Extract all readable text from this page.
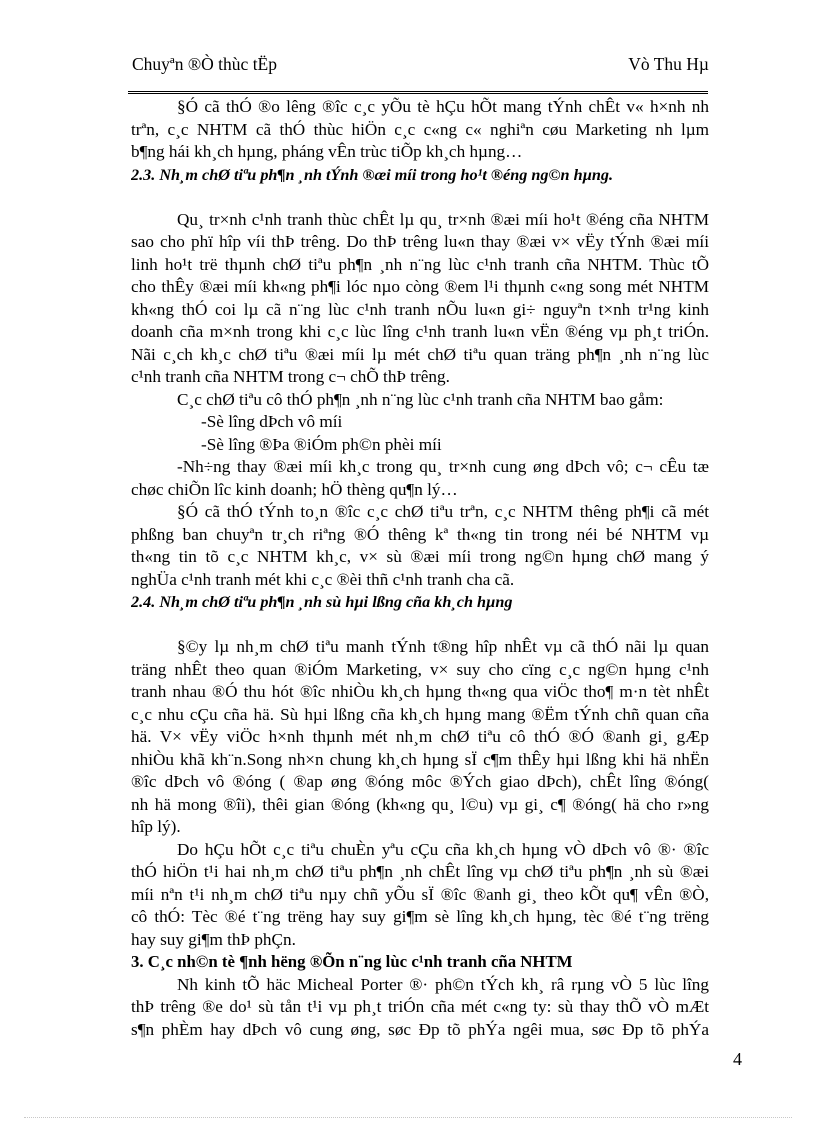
Chuyªn ®Ò thùc tËp	Vò Thu Hµ
§Ó cã thÓ ®o lêng ®îc c¸c yÕu tè hÇu hÕt mang tÝnh chÊt v« h×nh nh
trªn, c¸c NHTM cã thÓ thùc hiÖn c¸c c«ng c« nghiªn cøu Marketing nh lµm
b¶ng hái kh¸ch hµng, pháng vÊn trùc tiÕp kh¸ch hµng…
2.3. Nh¸m chØ tiªu ph¶n ¸nh tÝnh ®æi míi trong ho¹t ®éng ng©n hµng.
Qu¸ tr×nh c¹nh tranh thùc chÊt lµ qu¸ tr×nh ®æi míi ho¹t ®éng cña NHTM
sao cho phï hîp víi thÞ trêng. Do thÞ trêng lu«n thay ®æi v× vËy tÝnh ®æi míi
linh ho¹t trë thµnh chØ tiªu ph¶n ¸nh n¨ng lùc c¹nh tranh cña NHTM. Thùc tÕ
cho thÊy ®æi míi kh«ng ph¶i lóc nµo còng ®em l¹i thµnh c«ng song mét NHTM
kh«ng thÓ coi lµ cã n¨ng lùc c¹nh tranh nÕu lu«n gi÷ nguyªn t×nh tr¹ng kinh
doanh cña m×nh trong khi c¸c lùc lîng c¹nh tranh lu«n vËn ®éng vµ ph¸t triÓn.
Nãi c¸ch kh¸c chØ tiªu ®æi míi lµ mét chØ tiªu quan träng ph¶n ¸nh n¨ng lùc
c¹nh tranh cña NHTM trong c¬ chÕ thÞ trêng.
C¸c chØ tiªu cô thÓ ph¶n ¸nh n¨ng lùc c¹nh tranh cña NHTM bao gåm:
-Sè lîng dÞch vô míi
-Sè lîng ®Þa ®iÓm ph©n phèi míi
-Nh÷ng thay ®æi míi kh¸c trong qu¸ tr×nh cung øng dÞch vô; c¬ cÊu tæ
chøc chiÕn lîc kinh doanh; hÖ thèng qu¶n lý…
§Ó cã thÓ tÝnh to¸n ®îc c¸c chØ tiªu trªn, c¸c NHTM thêng ph¶i cã mét
phßng ban chuyªn tr¸ch riªng ®Ó thêng kª th«ng tin trong néi bé NHTM vµ
th«ng tin tõ c¸c NHTM kh¸c, v× sù ®æi míi trong ng©n hµng chØ mang ý
nghÜa c¹nh tranh mét khi c¸c ®èi thñ c¹nh tranh cha cã.
2.4. Nh¸m chØ tiªu ph¶n ¸nh sù hµi lßng cña kh¸ch hµng
§©y lµ nh¸m chØ tiªu manh tÝnh t®ng hîp nhÊt vµ cã thÓ nãi lµ quan
träng nhÊt theo quan ®iÓm Marketing, v× suy cho cïng c¸c ng©n hµng c¹nh
tranh nhau ®Ó thu hót ®îc nhiÒu kh¸ch hµng th«ng qua viÖc tho¶ m·n tèt nhÊt
c¸c nhu cÇu cña hä. Sù hµi lßng cña kh¸ch hµng mang ®Ëm tÝnh chñ quan cña
hä. V× vËy viÖc h×nh thµnh mét nh¸m chØ tiªu cô thÓ ®Ó ®anh gi¸ gÆp
nhiÒu khã kh¨n.Song nh×n chung kh¸ch hµng sÏ c¶m thÊy hµi lßng khi hä nhËn
®îc dÞch vô ®óng ( ®ap øng ®óng môc ®Ých giao dÞch), chÊt lîng ®óng(
nh hä mong ®îi), thêi gian ®óng (kh«ng qu¸ l©u) vµ gi¸ c¶ ®óng( hä cho r»ng
hîp lý).
Do hÇu hÕt c¸c tiªu chuÈn yªu cÇu cña kh¸ch hµng vÒ dÞch vô ®· ®îc
thÓ hiÖn t¹i hai nh¸m chØ tiªu ph¶n ¸nh chÊt lîng vµ chØ tiªu ph¶n ¸nh sù ®æi
míi nªn t¹i nh¸m chØ tiªu nµy chñ yÕu sÏ ®îc ®anh gi¸ theo kÕt qu¶ vÊn ®Ò,
cô thÓ: Tèc ®é t¨ng trëng hay suy gi¶m sè lîng kh¸ch hµng, tèc ®é t¨ng trëng
hay suy gi¶m thÞ phÇn.
3. C¸c nh©n tè ¶nh hëng ®Õn n¨ng lùc c¹nh tranh cña NHTM
Nh kinh tÕ häc Micheal Porter ®· ph©n tÝch kh¸ râ rµng vÒ 5 lùc lîng
thÞ trêng ®e do¹ sù tån t¹i vµ ph¸t triÓn cña mét c«ng ty: sù thay thÕ vÒ mÆt
s¶n phÈm hay dÞch vô cung øng, søc Ðp tõ phÝa ngêi mua, søc Ðp tõ phÝa
4
